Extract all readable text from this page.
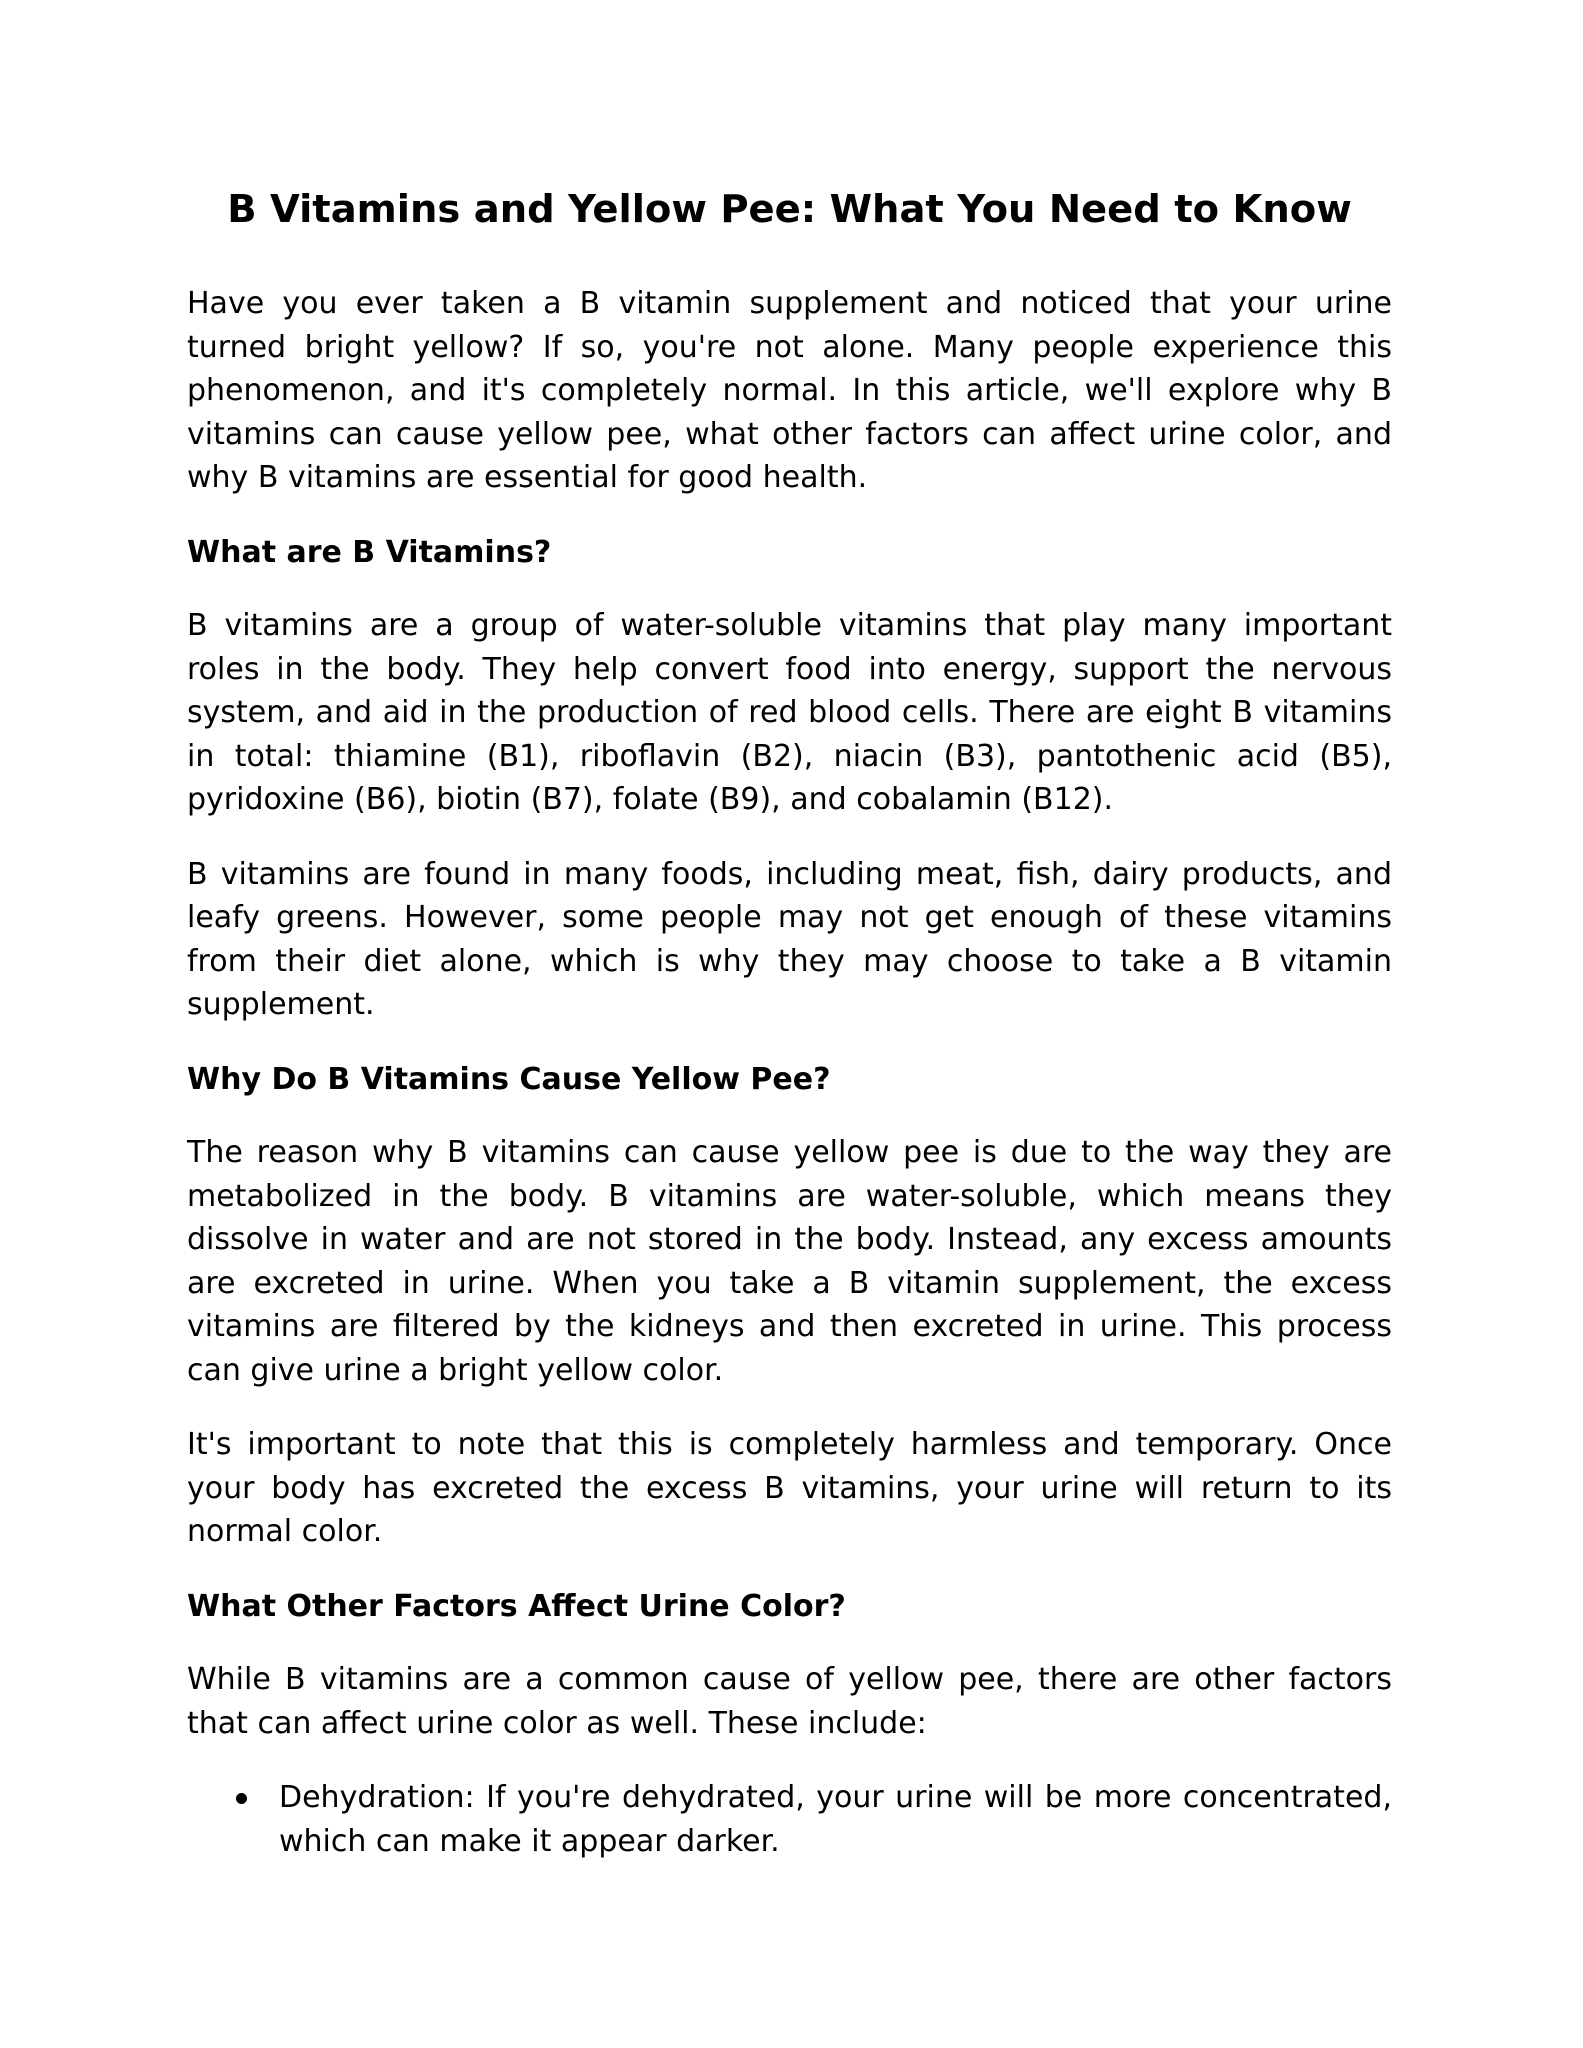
B Vitamins and Yellow Pee: What You Need to Know

Have you ever taken a B vitamin supplement and noticed that your urine turned bright yellow? If so, you're not alone. Many people experience this phenomenon, and it's completely normal. In this article, we'll explore why B vitamins can cause yellow pee, what other factors can affect urine color, and why B vitamins are essential for good health.

What are B Vitamins?

B vitamins are a group of water-soluble vitamins that play many important roles in the body. They help convert food into energy, support the nervous system, and aid in the production of red blood cells. There are eight B vitamins in total: thiamine (B1), riboflavin (B2), niacin (B3), pantothenic acid (B5), pyridoxine (B6), biotin (B7), folate (B9), and cobalamin (B12).

B vitamins are found in many foods, including meat, fish, dairy products, and leafy greens. However, some people may not get enough of these vitamins from their diet alone, which is why they may choose to take a B vitamin supplement.

Why Do B Vitamins Cause Yellow Pee?

The reason why B vitamins can cause yellow pee is due to the way they are metabolized in the body. B vitamins are water-soluble, which means they dissolve in water and are not stored in the body. Instead, any excess amounts are excreted in urine. When you take a B vitamin supplement, the excess vitamins are filtered by the kidneys and then excreted in urine. This process can give urine a bright yellow color.

It's important to note that this is completely harmless and temporary. Once your body has excreted the excess B vitamins, your urine will return to its normal color.

What Other Factors Affect Urine Color?

While B vitamins are a common cause of yellow pee, there are other factors that can affect urine color as well. These include:

Dehydration: If you're dehydrated, your urine will be more concentrated, which can make it appear darker.
